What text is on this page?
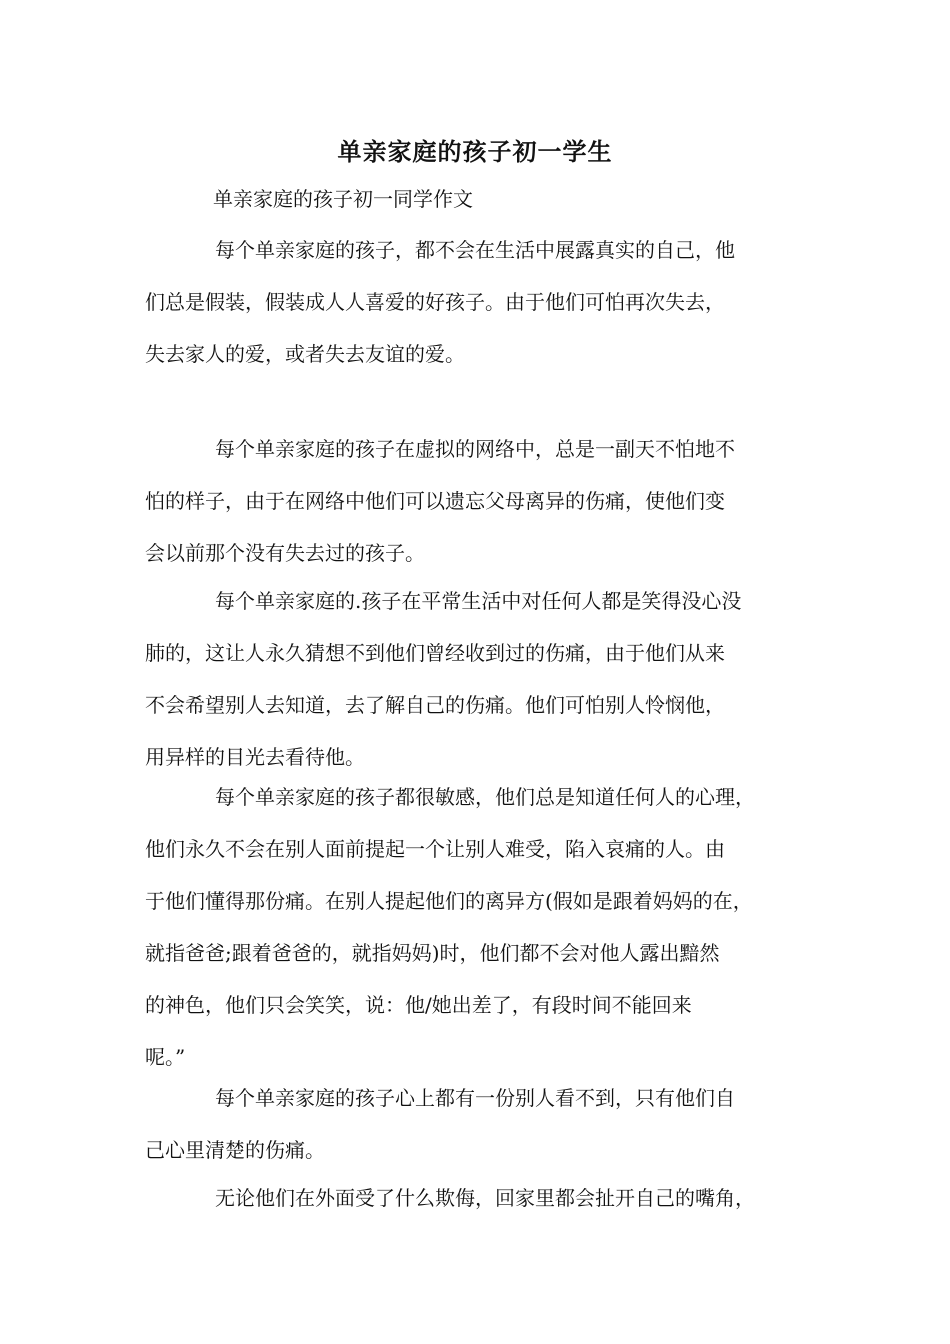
单亲家庭的孩子初一学生

单亲家庭的孩子初一同学作文

每个单亲家庭的孩子，都不会在生活中展露真实的自己，他
们总是假装，假装成人人喜爱的好孩子。由于他们可怕再次失去，
失去家人的爱，或者失去友谊的爱。

每个单亲家庭的孩子在虚拟的网络中，总是一副天不怕地不
怕的样子，由于在网络中他们可以遗忘父母离异的伤痛，使他们变
会以前那个没有失去过的孩子。

每个单亲家庭的.孩子在平常生活中对任何人都是笑得没心没
肺的，这让人永久猜想不到他们曾经收到过的伤痛，由于他们从来
不会希望别人去知道，去了解自己的伤痛。他们可怕别人怜悯他，
用异样的目光去看待他。

每个单亲家庭的孩子都很敏感，他们总是知道任何人的心理，
他们永久不会在别人面前提起一个让别人难受，陷入哀痛的人。由
于他们懂得那份痛。在别人提起他们的离异方(假如是跟着妈妈的在，
就指爸爸;跟着爸爸的，就指妈妈)时，他们都不会对他人露出黯然
的神色，他们只会笑笑，说：他/她出差了，有段时间不能回来
呢。”

每个单亲家庭的孩子心上都有一份别人看不到，只有他们自
己心里清楚的伤痛。

无论他们在外面受了什么欺侮，回家里都会扯开自己的嘴角，
